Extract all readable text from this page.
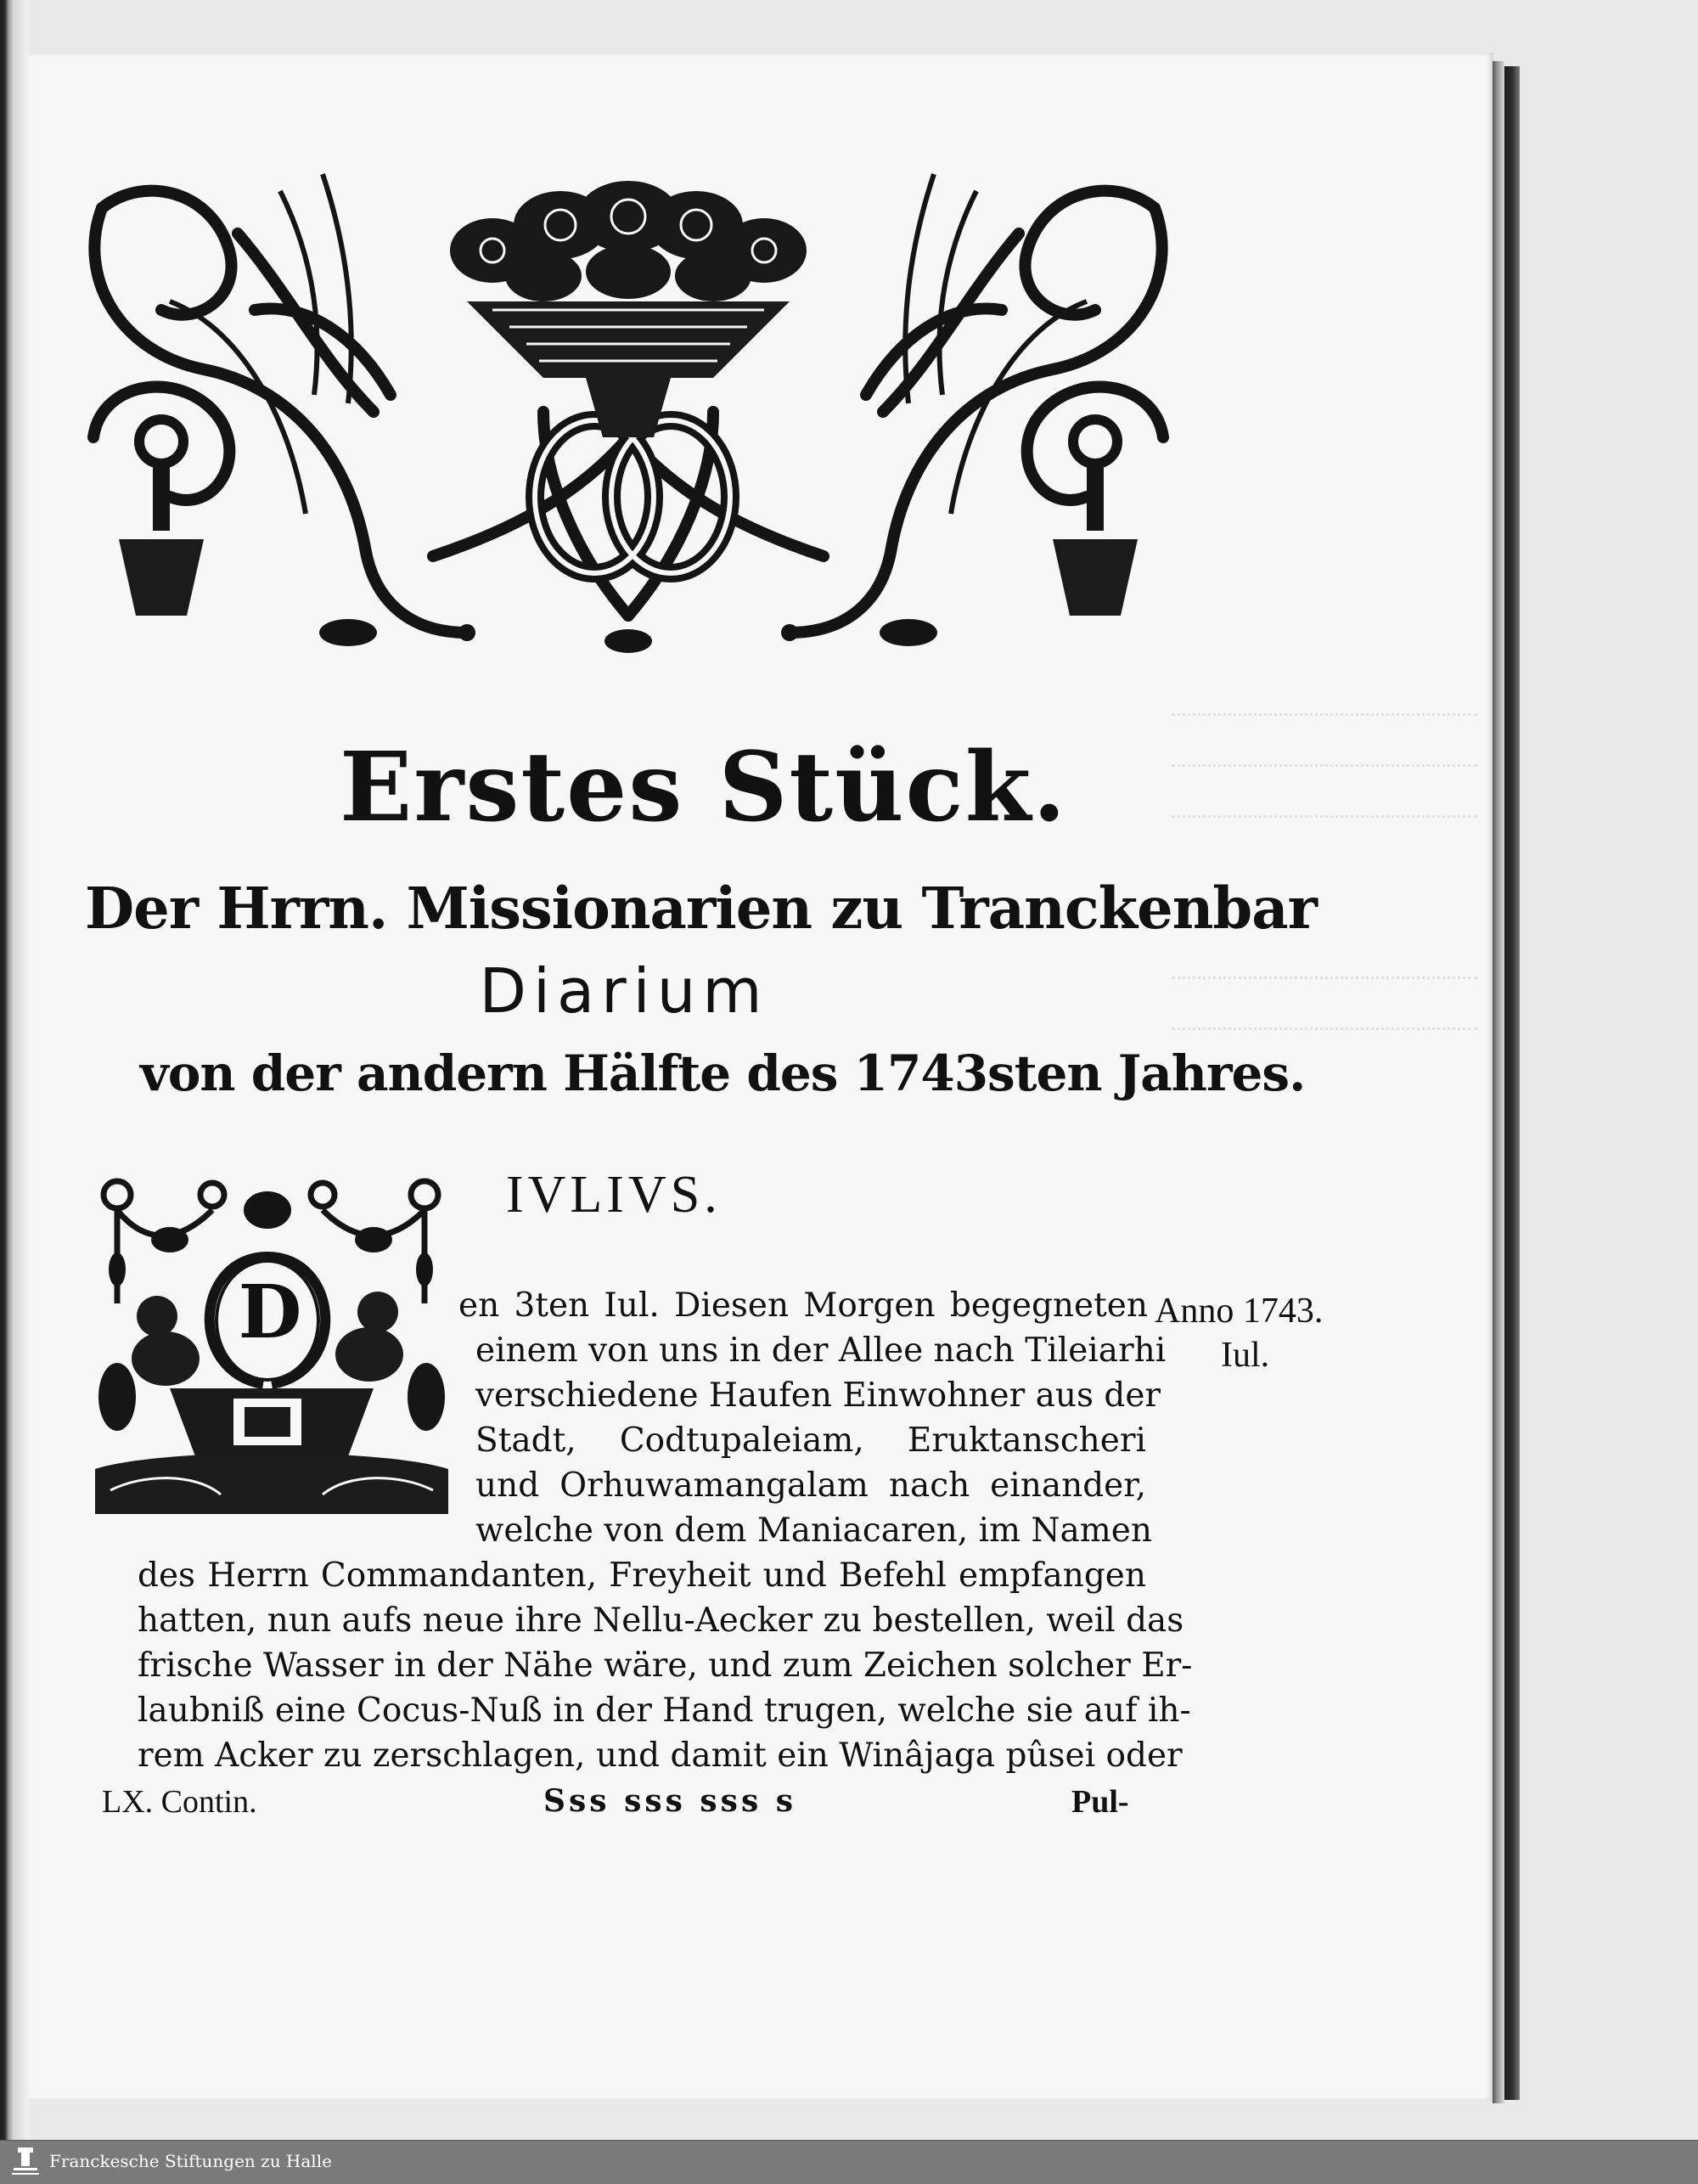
Erstes Stück.
Der Hrrn. Missionarien zu Tranckenbar
Diarium
von der andern Hälfte des 1743sten Jahres.
IVLIVS.
D	en 3ten Iul. Diesen Morgen begegneten
einem von uns in der Allee nach Tileiarhi
verschiedene Haufen Einwohner aus der
Stadt, Codtupaleiam, Eruktanscheri
und Orhuwamangalam nach einander,
welche von dem Maniacaren, im Namen
des Herrn Commandanten, Freyheit und Befehl empfangen
hatten, nun aufs neue ihre Nellu-Aecker zu bestellen, weil das
frische Wasser in der Nähe wäre, und zum Zeichen solcher Er-
laubniß eine Cocus-Nuß in der Hand trugen, welche sie auf ih-
rem Acker zu zerschlagen, und damit ein Winâjaga pûsei oder
Anno 1743.
Iul.
LX. Contin.	Sss sss sss s	Pul-
Franckesche Stiftungen zu Halle
